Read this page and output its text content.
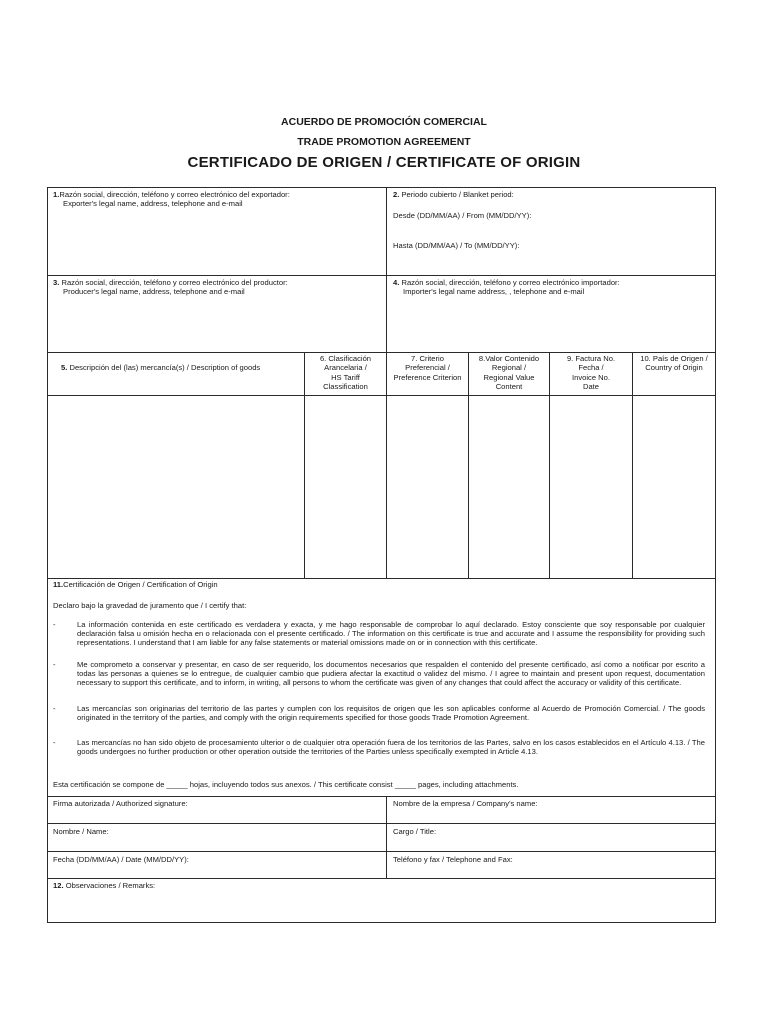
ACUERDO DE PROMOCIÓN COMERCIAL
TRADE PROMOTION AGREEMENT
CERTIFICADO DE ORIGEN / CERTIFICATE OF ORIGIN
1.Razón social, dirección, teléfono y correo electrónico del exportador:
Exporter's legal name, address, telephone and e-mail
2. Periodo cubierto / Blanket period:
Desde (DD/MM/AA) / From (MM/DD/YY):
Hasta (DD/MM/AA) / To (MM/DD/YY):
3. Razón social, dirección, teléfono y correo electrónico del productor:
Producer's legal name, address, telephone and e-mail
4. Razón social, dirección, teléfono y correo electrónico importador:
Importer's legal name address, , telephone and e-mail
5. Descripción del (las) mercancía(s) / Description of goods
6. Clasificación
Arancelaria /
HS Tariff
Classification
7. Criterio
Preferencial /
Preference Criterion
8.Valor Contenido
Regional /
Regional Value
Content
9. Factura No.
Fecha /
Invoice No.
Date
10. País de Origen /
Country of Origin
11.Certificación de Origen / Certification of Origin
Declaro bajo la gravedad de juramento que / I certify that:
-	La información contenida en este certificado es verdadera y exacta, y me hago responsable de comprobar lo aquí declarado. Estoy consciente que soy responsable por cualquier declaración falsa u omisión hecha en o relacionada con el presente certificado. / The information on this certificate is true and accurate and I assume the responsibility for providing such representations. I understand that I am liable for any false statements or material omissions made on or in connection with this certificate.
-	Me comprometo a conservar y presentar, en caso de ser requerido, los documentos necesarios que respalden el contenido del presente certificado, así como a notificar por escrito a todas las personas a quienes se lo entregue, de cualquier cambio que pudiera afectar la exactitud o validez del mismo. / I agree to maintain and present upon request, documentation necessary to support this certificate, and to inform, in writing, all persons to whom the certificate was given of any changes that could affect the accuracy or validity of this certificate.
-	Las mercancías son originarias del territorio de las partes y cumplen con los requisitos de origen que les son aplicables conforme al Acuerdo de Promoción Comercial. / The goods originated in the territory of the parties, and comply with the origin requirements specified for those goods Trade Promotion Agreement.
-	Las mercancías no han sido objeto de procesamiento ulterior o de cualquier otra operación fuera de los territorios de las Partes, salvo en los casos establecidos en el Artículo 4.13. / The goods undergoes no further production or other operation outside the territories of the Parties unless specifically exempted in Article 4.13.
Esta certificación se compone de _____ hojas, incluyendo todos sus anexos. / This certificate consist _____ pages, including attachments.
Firma autorizada / Authorized signature:	Nombre de la empresa / Company's name:
Nombre / Name:	Cargo / Title:
Fecha (DD/MM/AA) / Date (MM/DD/YY):	Teléfono y fax / Telephone and Fax:
12. Observaciones / Remarks:
